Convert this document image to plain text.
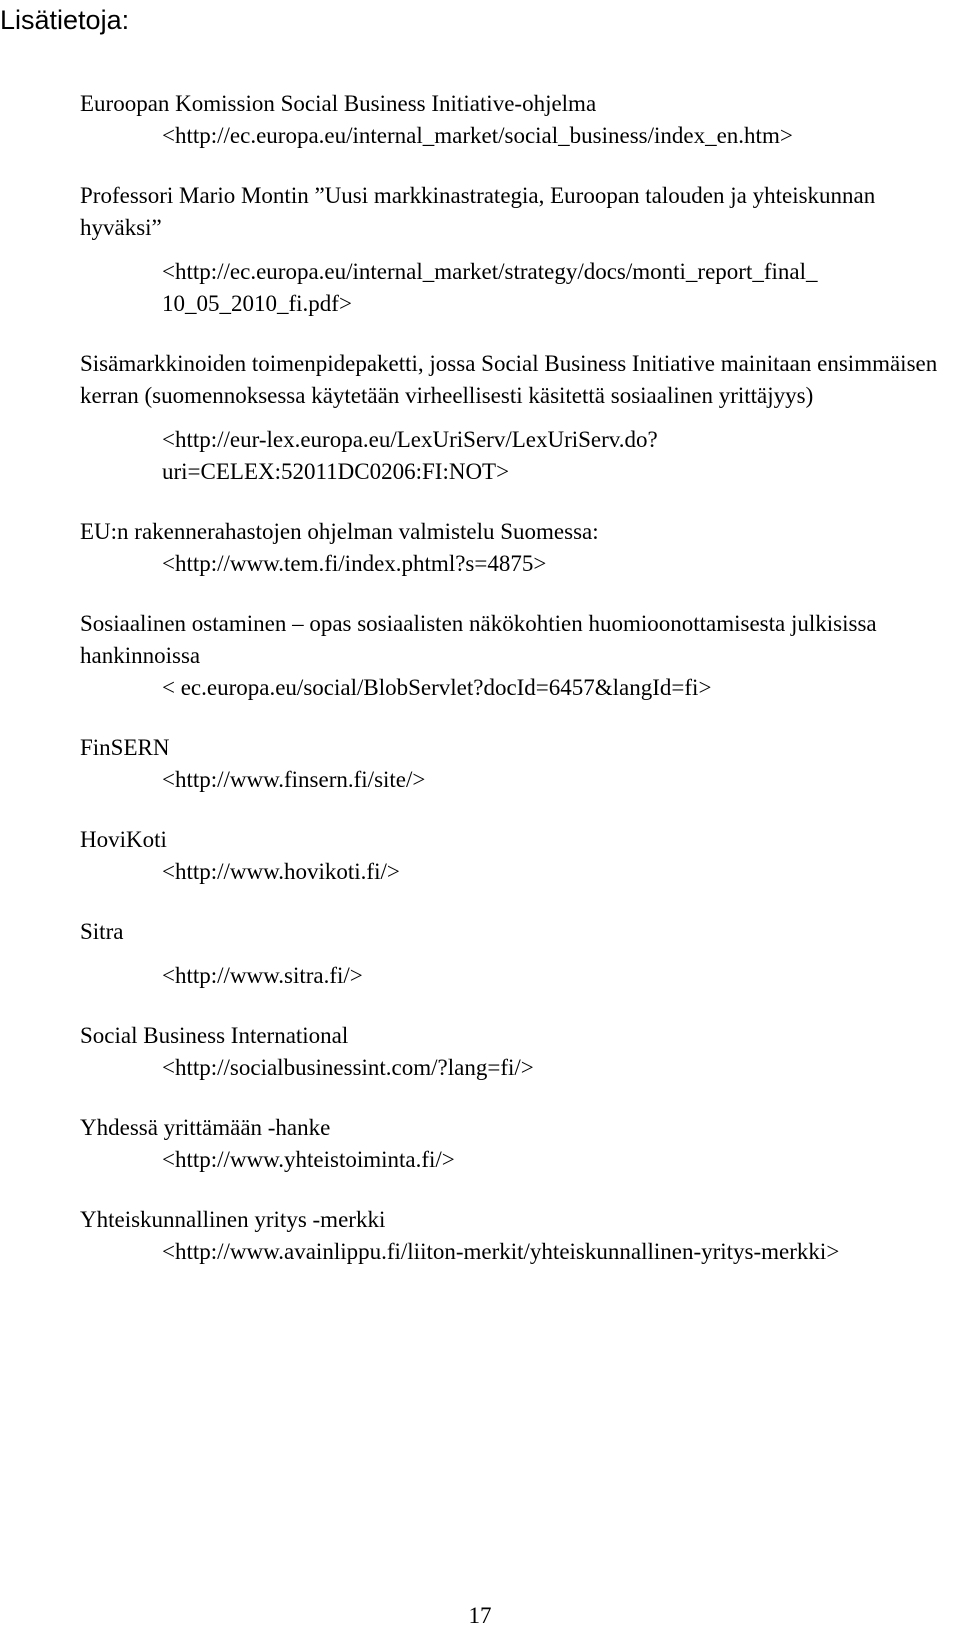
Lisätietoja:
Euroopan Komission Social Business Initiative-ohjelma
<http://ec.europa.eu/internal_market/social_business/index_en.htm>
Professori Mario Montin ”Uusi markkinastrategia, Euroopan talouden ja yhteiskunnan hyväksi”
<http://ec.europa.eu/internal_market/strategy/docs/monti_report_final_ 10_05_2010_fi.pdf>
Sisämarkkinoiden toimenpidepaketti, jossa Social Business Initiative mainitaan ensimmäisen kerran (suomennoksessa käytetään virheellisesti käsitettä sosiaalinen yrittäjyys)
<http://eur-lex.europa.eu/LexUriServ/LexUriServ.do?uri=CELEX:52011DC0206:FI:NOT>
EU:n rakennerahastojen ohjelman valmistelu Suomessa:
<http://www.tem.fi/index.phtml?s=4875>
Sosiaalinen ostaminen – opas sosiaalisten näkökohtien huomioonottamisesta julkisissa hankinnoissa
< ec.europa.eu/social/BlobServlet?docId=6457&langId=fi>
FinSERN
<http://www.finsern.fi/site/>
HoviKoti
<http://www.hovikoti.fi/>
Sitra
<http://www.sitra.fi/>
Social Business International
<http://socialbusinessint.com/?lang=fi/>
Yhdessä yrittämään -hanke
<http://www.yhteistoiminta.fi/>
Yhteiskunnallinen yritys -merkki
<http://www.avainlippu.fi/liiton-merkit/yhteiskunnallinen-yritys-merkki>
17
